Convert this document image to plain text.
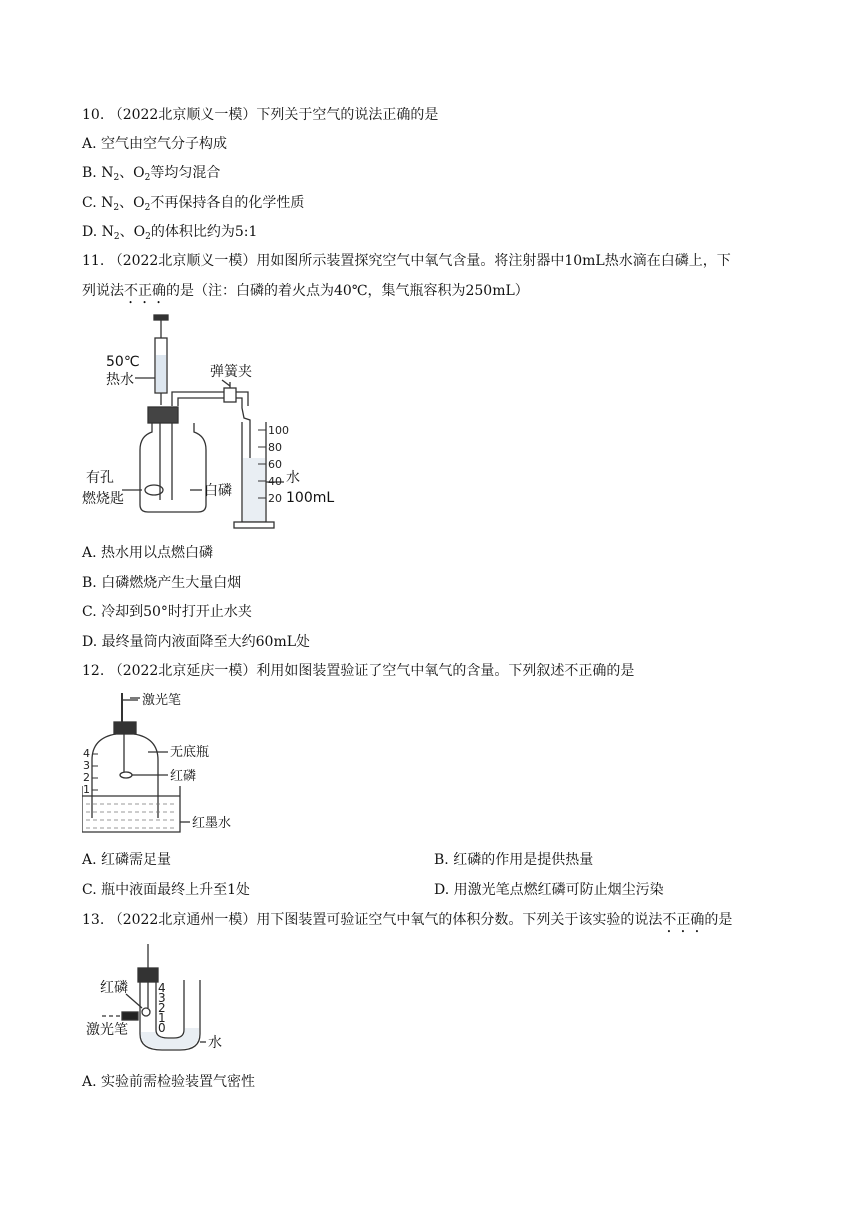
10. （2022北京顺义一模）下列关于空气的说法正确的是
A. 空气由空气分子构成
B. $N_2$、$O_2$等均匀混合
C. $N_2$、$O_2$不再保持各自的化学性质
D. $N_2$、$O_2$的体积比约为5:1
11. （2022北京顺义一模）用如图所示装置探究空气中氧气含量。将注射器中10mL热水滴在白磷上，下
列说法不正确的是（注：白磷的着火点为40℃，集气瓶容积为250mL）
100
80
60
40
20
50℃
热水	弹簧夹
有孔
燃烧匙	白磷
水
100mL
A. 热水用以点燃白磷
B. 白磷燃烧产生大量白烟
C. 冷却到50°时打开止水夹
D. 最终量筒内液面降至大约60mL处
12. （2022北京延庆一模）利用如图装置验证了空气中氧气的含量。下列叙述不正确的是
4
3
2
1
激光笔
无底瓶
红磷
红墨水
A. 红磷需足量	B. 红磷的作用是提供热量
C. 瓶中液面最终上升至1处	D. 用激光笔点燃红磷可防止烟尘污染
13. （2022北京通州一模）用下图装置可验证空气中氧气的体积分数。下列关于该实验的说法不正确的是
4
3
2
1
0
红磷
激光笔
水
A. 实验前需检验装置气密性
